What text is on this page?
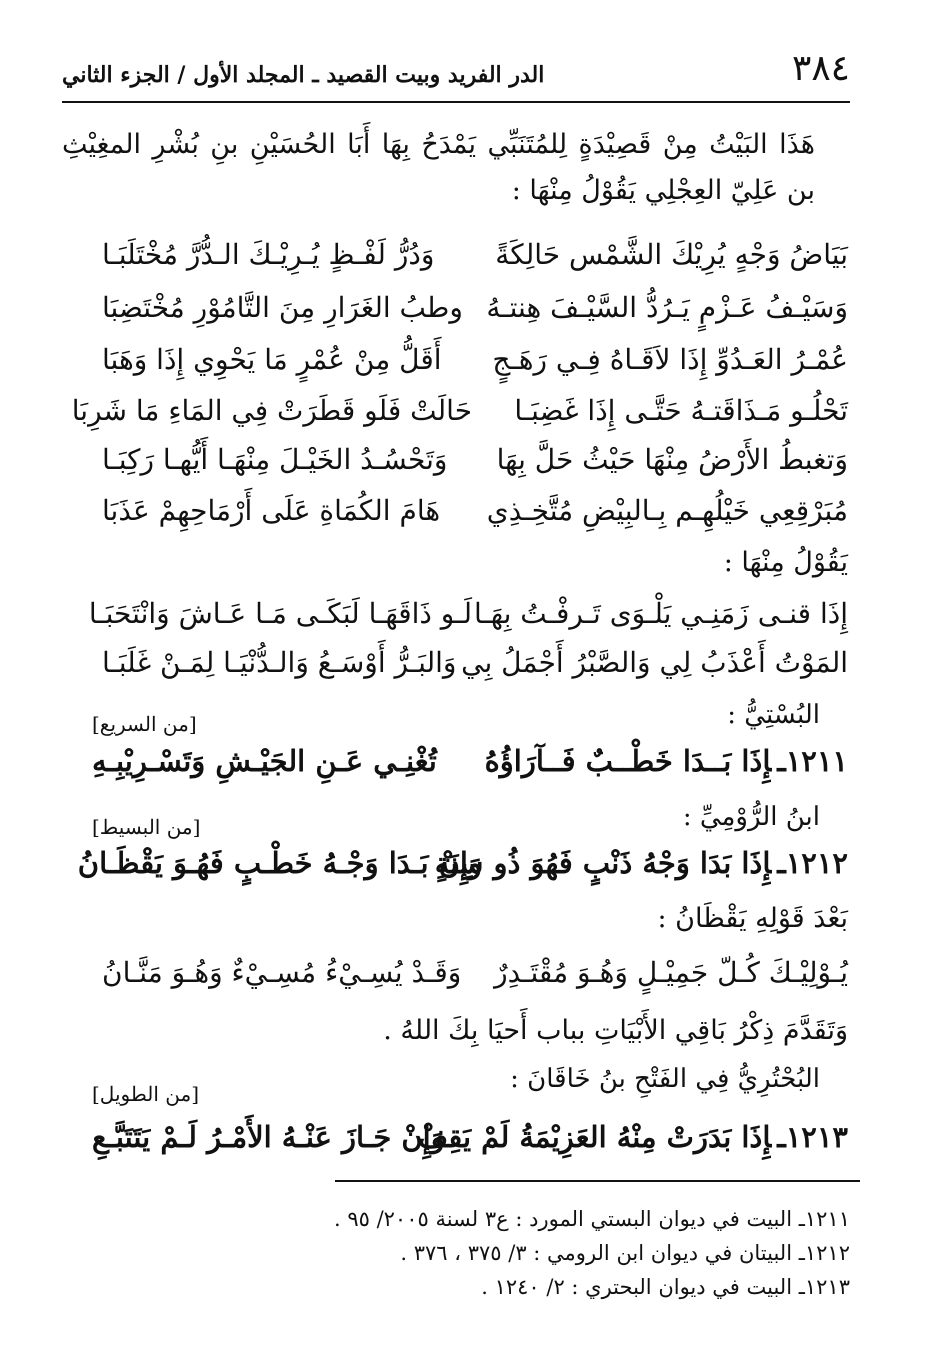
٣٨٤
الدر الفريد وبيت القصيد ـ المجلد الأول / الجزء الثاني
هَذَا البَيْتُ مِنْ قَصِيْدَةٍ لِلمُتَنَبِّي يَمْدَحُ بِهَا أَبَا الحُسَيْنِ بنِ بُشْرِ المغِيْثِ بن عَلِيّ العِجْلِي يَقُوْلُ مِنْهَا :
بَيَاضُ وَجْهٍ يُرِيْكَ الشَّمْس حَالِكَةً
وَدُرُّ لَفْـظٍ يُـرِيْـكَ الـدُّرَّ مُخْتَلَبَـا
وَسَيْـفُ عَـزْمٍ يَـرُدُّ السَّيْـفَ هِنتـهُ
وطبُ الغَرَارِ مِنَ التَّامُوْرِ مُخْتَضِبَا
عُمْـرُ العَـدُوِّ إِذَا لاَقَـاهُ فِـي رَهَـجٍ
أَقَلُّ مِنْ عُمْرٍ مَا يَحْوِي إِذَا وَهَبَا
تَحْلُـو مَـذَاقَتـهُ حَتَّـى إِذَا غَضِبَـا
حَالَتْ فَلَو قَطَرَتْ فِي المَاءِ مَا شَرِبَا
وَتغبطُ الأَرْضُ مِنْهَا حَيْثُ حَلَّ بِهَا
وَتَحْسُـدُ الخَيْـلَ مِنْهَـا أَيُّهـا رَكِبَـا
مُبَرْقِعِي خَيْلُهِـم بِـالبِيْضِ مُتَّخِـذِي
هَامَ الكُمَاةِ عَلَى أَرْمَاحِهِمْ عَذَبَا
يَقُوْلُ مِنْهَا :
إِذَا قنـى زَمَنِـي يَلْـوَى تَـرفْـتُ بِهَـا
لَـو ذَاقَهَـا لَبَكَـى مَـا عَـاشَ وَانْتَحَبَـا
المَوْتُ أَعْذَبُ لِي وَالصَّبْرُ أَجْمَلُ بِي
وَالبَـرُّ أَوْسَـعُ وَالـدُّنْيَـا لِمَـنْ غَلَبَـا
البُسْتِيُّ :
[من السريع]
١٢١١ـإِذَا بَــدَا خَطْــبٌ فَــآرَاؤُهُ
تُغْنِـي عَـنِ الجَيْـشِ وَتَسْـرِيْبِـهِ
ابنُ الرُّوْمِيِّ :
[من البسيط]
١٢١٢ـإِذَا بَدَا وَجْهُ ذَنْبٍ فَهُوَ ذُو سِنَةٍ
وَإِنْ بَـدَا وَجْـهُ خَطْـبٍ فَهُـوَ يَقْظَـانُ
بَعْدَ قَوْلِهِ يَقْظَانُ :
يُـوْلِيْـكَ كُـلّ جَمِيْـلٍ وَهُـوَ مُقْتَـدِرٌ
وَقَـدْ يُسِـيْءُ مُسِـيْءٌ وَهُـوَ مَنَّـانُ
وَتَقَدَّمَ ذِكْرُ بَاقِي الأَبْيَاتِ بباب أَحيَا بِكَ اللهُ .
البُحْتُرِيُّ فِي الفَتْحِ بنُ خَاقَانَ :
[من الطويل]
١٢١٣ـإِذَا بَدَرَتْ مِنْهُ العَزِيْمَةُ لَمْ يَقِفْ
وَإِنْ جَـازَ عَنْـهُ الأَمْـرُ لَـمْ يَتَتَبَّـعِ
١٢١١ـ البيت في ديوان البستي المورد : ع٣ لسنة ٢٠٠٥/ ٩٥ .
١٢١٢ـ البيتان في ديوان ابن الرومي : ٣/ ٣٧٥ ، ٣٧٦ .
١٢١٣ـ البيت في ديوان البحتري : ٢/ ١٢٤٠ .
